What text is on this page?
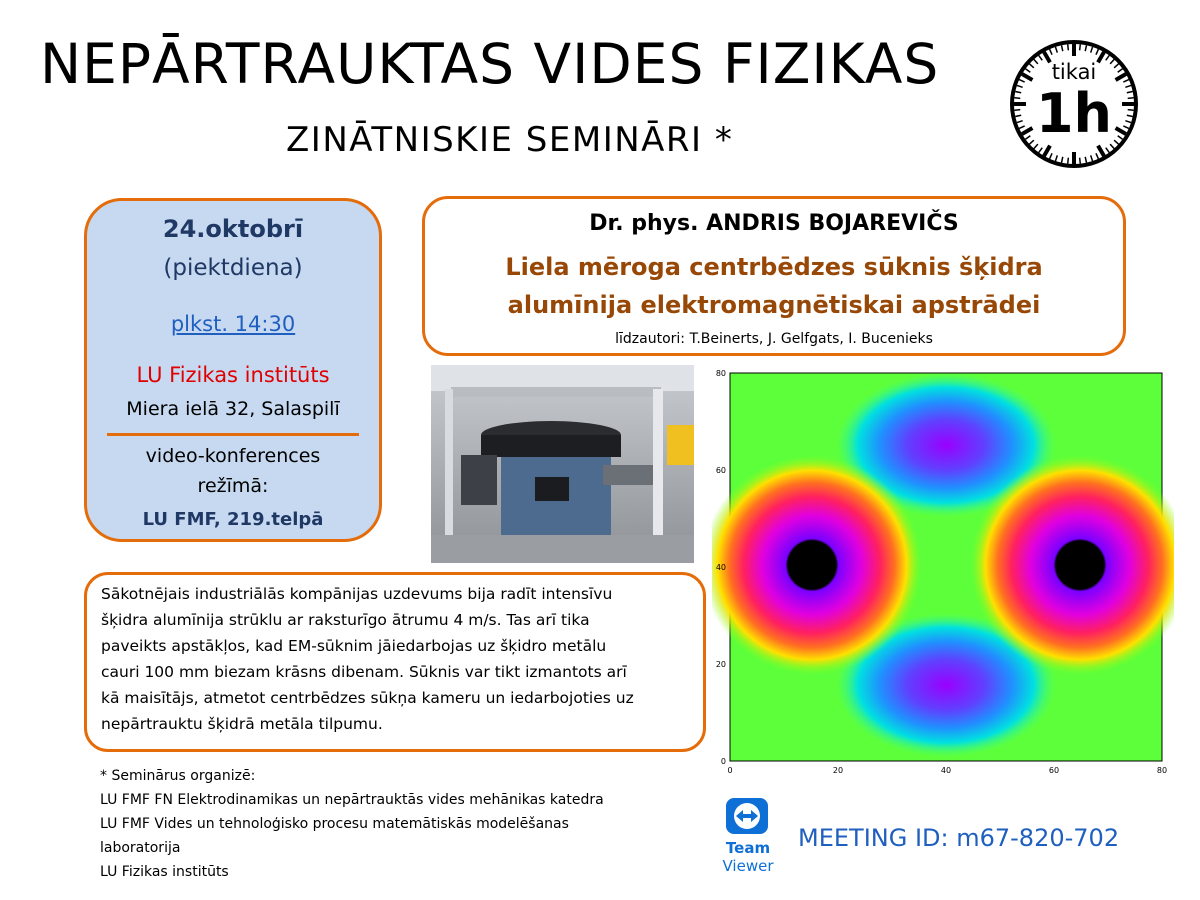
NEPĀRTRAUKTAS VIDES FIZIKAS
ZINĀTNISKIE SEMINĀRI *
tikai
1h
24.oktobrī
(piektdiena)
plkst. 14:30
LU Fizikas institūts
Miera ielā 32, Salaspilī
video-konferences
režīmā:
LU FMF, 219.telpā
Dr. phys. ANDRIS BOJAREVIČS
Liela mēroga centrbēdzes sūknis šķidra
alumīnija elektromagnētiskai apstrādei
līdzautori: T.Beinerts, J. Gelfgats, I. Bucenieks
0	20	40	60	80
0
20
40
60
80
Sākotnējais industriālās kompānijas uzdevums bija radīt intensīvu
šķidra alumīnija strūklu ar raksturīgo ātrumu 4 m/s. Tas arī tika
paveikts apstākļos, kad EM-sūknim jāiedarbojas uz šķidro metālu
cauri 100 mm biezam krāsns dibenam. Sūknis var tikt izmantots arī
kā maisītājs, atmetot centrbēdzes sūkņa kameru un iedarbojoties uz
nepārtrauktu šķidrā metāla tilpumu.
* Seminārus organizē:
LU FMF FN Elektrodinamikas un nepārtrauktās vides mehānikas katedra
LU FMF Vides un tehnoloģisko procesu matemātiskās modelēšanas
laboratorija
LU Fizikas institūts
Team
Viewer
MEETING ID: m67-820-702
